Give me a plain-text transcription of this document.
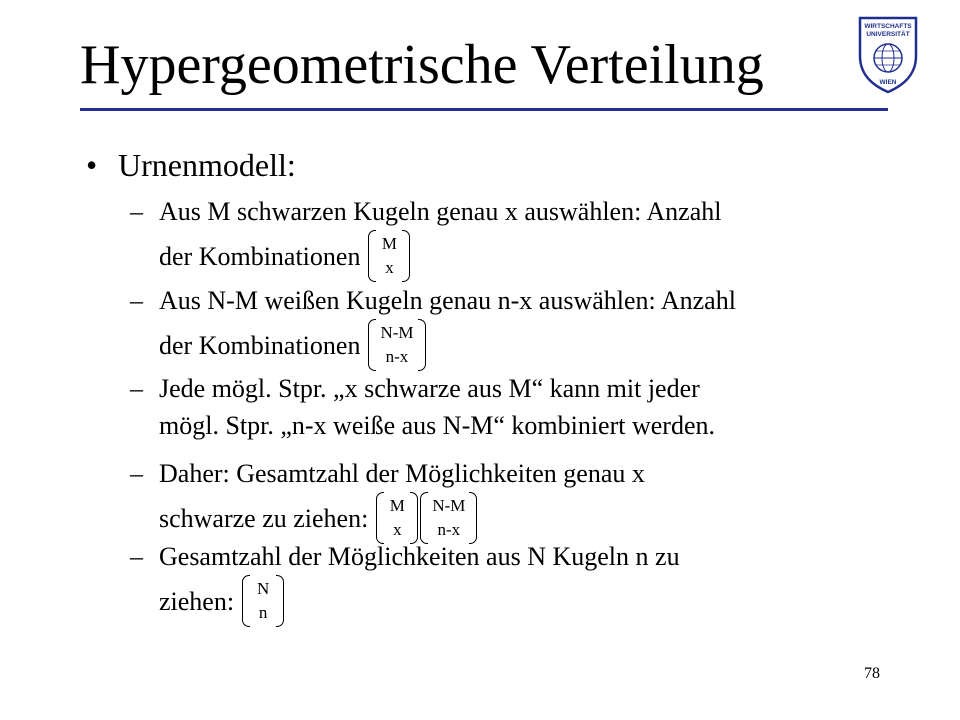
Hypergeometrische Verteilung
WIRTSCHAFTS
UNIVERSITÄT
WIEN
• Urnenmodell:
– Aus M schwarzen Kugeln genau x auswählen: Anzahl
der Kombinationen M
x
– Aus N-M weißen Kugeln genau n-x auswählen: Anzahl
der Kombinationen N-M
n-x
– Jede mögl. Stpr. „x schwarze aus M“ kann mit jeder
mögl. Stpr. „n-x weiße aus N-M“ kombiniert werden.
– Daher: Gesamtzahl der Möglichkeiten genau x
schwarze zu ziehen: M
x
N-M
n-x
– Gesamtzahl der Möglichkeiten aus N Kugeln n zu
ziehen: N
n
78
